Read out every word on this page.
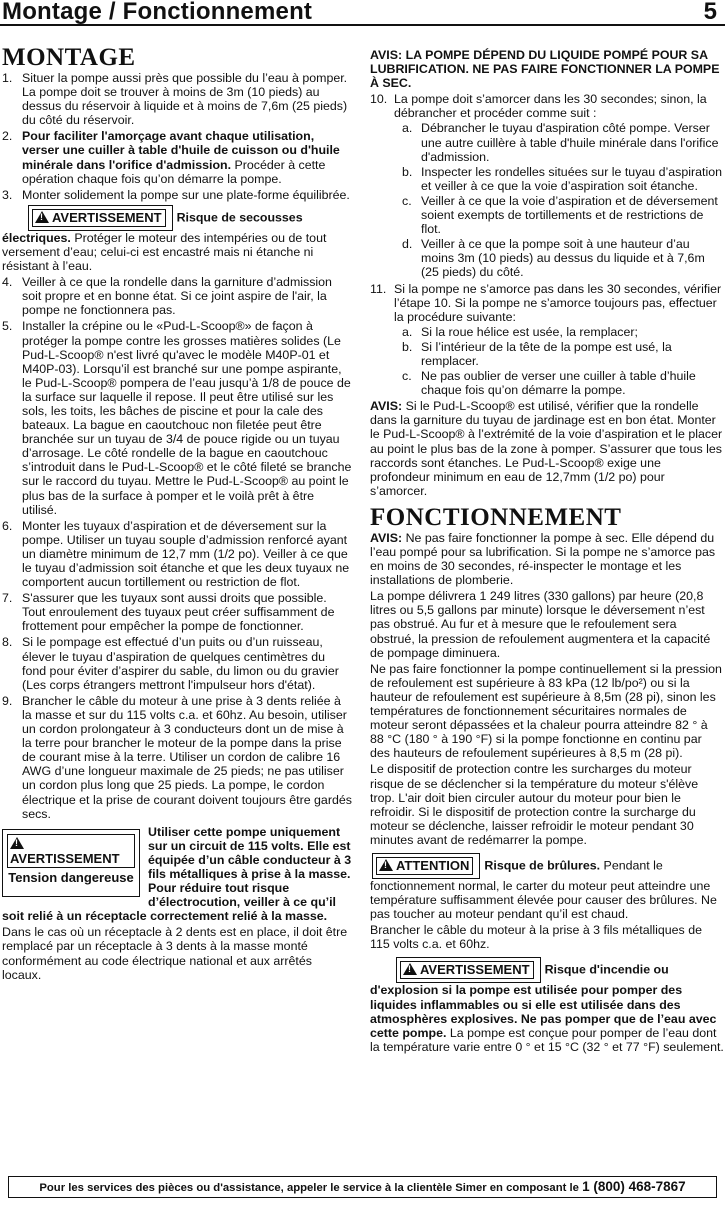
Montage / Fonctionnement	5
MONTAGE
1. Situer la pompe aussi près que possible du l’eau à pomper. La pompe doit se trouver à moins de 3m (10 pieds) au dessus du réservoir à liquide et à moins de 7,6m (25 pieds) du côté du réservoir.
2. Pour faciliter l'amorçage avant chaque utilisation, verser une cuiller à table d'huile de cuisson ou d'huile minérale dans l'orifice d'admission. Procéder à cette opération chaque fois qu’on démarre la pompe.
3. Monter solidement la pompe sur une plate-forme équilibrée.

!AVERTISSEMENT Risque de secousses électriques. Protéger le moteur des intempéries ou de tout versement d’eau; celui-ci est encastré mais ni étanche ni résistant à l’eau.

4. Veiller à ce que la rondelle dans la garniture d’admission soit propre et en bonne état. Si ce joint aspire de l'air, la pompe ne fonctionnera pas.
5. Installer la crépine ou le «Pud-L-Scoop®» de façon à protéger la pompe contre les grosses matières solides (Le Pud-L-Scoop® n'est livré qu'avec le modèle M40P-01 et M40P-03). Lorsqu’il est branché sur une pompe aspirante, le Pud-L-Scoop® pompera de l’eau jusqu’à 1/8 de pouce de la surface sur laquelle il repose. Il peut être utilisé sur les sols, les toits, les bâches de piscine et pour la cale des bateaux. La bague en caoutchouc non filetée peut être branchée sur un tuyau de 3/4 de pouce rigide ou un tuyau d’arrosage. Le côté rondelle de la bague en caoutchouc s’introduit dans le Pud-L-Scoop® et le côté fileté se branche sur le raccord du tuyau. Mettre le Pud-L-Scoop® au point le plus bas de la surface à pomper et le voilà prêt à être utilisé.
6. Monter les tuyaux d’aspiration et de déversement sur la pompe. Utiliser un tuyau souple d’admission renforcé ayant un diamètre minimum de 12,7 mm (1/2 po). Veiller à ce que le tuyau d’admission soit étanche et que les deux tuyaux ne comportent aucun tortillement ou restriction de flot.
7. S'assurer que les tuyaux sont aussi droits que possible. Tout enroulement des tuyaux peut créer suffisamment de frottement pour empêcher la pompe de fonctionner.
8. Si le pompage est effectué d’un puits ou d’un ruisseau, élever le tuyau d’aspiration de quelques centimètres du fond pour éviter d’aspirer du sable, du limon ou du gravier (Les corps étrangers mettront l'impulseur hors d'état).
9. Brancher le câble du moteur à une prise à 3 dents reliée à la masse et sur du 115 volts c.a. et 60hz. Au besoin, utiliser un cordon prolongateur à 3 conducteurs dont un de mise à la terre pour brancher le moteur de la pompe dans la prise de courant mise à la terre. Utiliser un cordon de calibre 16 AWG d’une longueur maximale de 25 pieds; ne pas utiliser un cordon plus long que 25 pieds. La pompe, le cordon électrique et la prise de courant doivent toujours être gardés secs.
!AVERTISSEMENT
Tension dangereuse

Utiliser cette pompe uniquement sur un circuit de 115 volts. Elle est équipée d’un câble conducteur à 3 fils métalliques à prise à la masse. Pour réduire tout risque d’électrocution, veiller à ce qu’il soit relié à un réceptacle correctement relié à la masse.

Dans le cas où un réceptacle à 2 dents est en place, il doit être remplacé par un réceptacle à 3 dents à la masse monté conformément au code électrique national et aux arrêtés locaux.

AVIS: LA POMPE DÉPEND DU LIQUIDE POMPÉ POUR SA LUBRIFICATION. NE PAS FAIRE FONCTIONNER LA POMPE À SEC.

10. La pompe doit s’amorcer dans les 30 secondes; sinon, la débrancher et procéder comme suit :
a. Débrancher le tuyau d'aspiration côté pompe. Verser une autre cuillère à table d'huile minérale dans l'orifice d'admission.
b. Inspecter les rondelles situées sur le tuyau d’aspiration et veiller à ce que la voie d’aspiration soit étanche.
c. Veiller à ce que la voie d’aspiration et de déversement soient exempts de tortillements et de restrictions de flot.
d. Veiller à ce que la pompe soit à une hauteur d’au moins 3m (10 pieds) au dessus du liquide et à 7,6m (25 pieds) du côté.
11. Si la pompe ne s’amorce pas dans les 30 secondes, vérifier l’étape 10. Si la pompe ne s’amorce toujours pas, effectuer la procédure suivante:
a. Si la roue hélice est usée, la remplacer;
b. Si l’intérieur de la tête de la pompe est usé, la remplacer.
c. Ne pas oublier de verser une cuiller à table d’huile chaque fois qu’on démarre la pompe.

AVIS: Si le Pud-L-Scoop® est utilisé, vérifier que la rondelle dans la garniture du tuyau de jardinage est en bon état. Monter le Pud-L-Scoop® à l’extrémité de la voie d’aspiration et le placer au point le plus bas de la zone à pomper. S’assurer que tous les raccords sont étanches. Le Pud-L-Scoop® exige une profondeur minimum en eau de 12,7mm (1/2 po) pour s’amorcer.

FONCTIONNEMENT

AVIS: Ne pas faire fonctionner la pompe à sec. Elle dépend du l’eau pompé pour sa lubrification. Si la pompe ne s’amorce pas en moins de 30 secondes, ré-inspecter le montage et les installations de plomberie.

La pompe délivrera 1 249 litres (330 gallons) par heure (20,8 litres ou 5,5 gallons par minute) lorsque le déversement n’est pas obstrué. Au fur et à mesure que le refoulement sera obstrué, la pression de refoulement augmentera et la capacité de pompage diminuera.

Ne pas faire fonctionner la pompe continuellement si la pression de refoulement est supérieure à 83 kPa (12 lb/po²) ou si la hauteur de refoulement est supérieure à 8,5m (28 pi), sinon les températures de fonctionnement sécuritaires normales de moteur seront dépassées et la chaleur pourra atteindre 82 ° à 88 °C (180 ° à 190 °F) si la pompe fonctionne en continu par des hauteurs de refoulement supérieures à 8,5 m (28 pi).

Le dispositif de protection contre les surcharges du moteur risque de se déclencher si la température du moteur s'élève trop. L'air doit bien circuler autour du moteur pour bien le refroidir. Si le dispositif de protection contre la surcharge du moteur se déclenche, laisser refroidir le moteur pendant 30 minutes avant de redémarrer la pompe.

!ATTENTION Risque de brûlures. Pendant le fonctionnement normal, le carter du moteur peut atteindre une température suffisamment élevée pour causer des brûlures. Ne pas toucher au moteur pendant qu’il est chaud.

Brancher le câble du moteur à la prise à 3 fils métalliques de 115 volts c.a. et 60hz.

!AVERTISSEMENT Risque d'incendie ou d'explosion si la pompe est utilisée pour pomper des liquides inflammables ou si elle est utilisée dans des atmosphères explosives. Ne pas pomper que de l’eau avec cette pompe. La pompe est conçue pour pomper de l’eau dont la température varie entre 0 ° et 15 °C (32 ° et 77 °F) seulement.

Pour les services des pièces ou d'assistance, appeler le service à la clientèle Simer en composant le 1 (800) 468-7867
